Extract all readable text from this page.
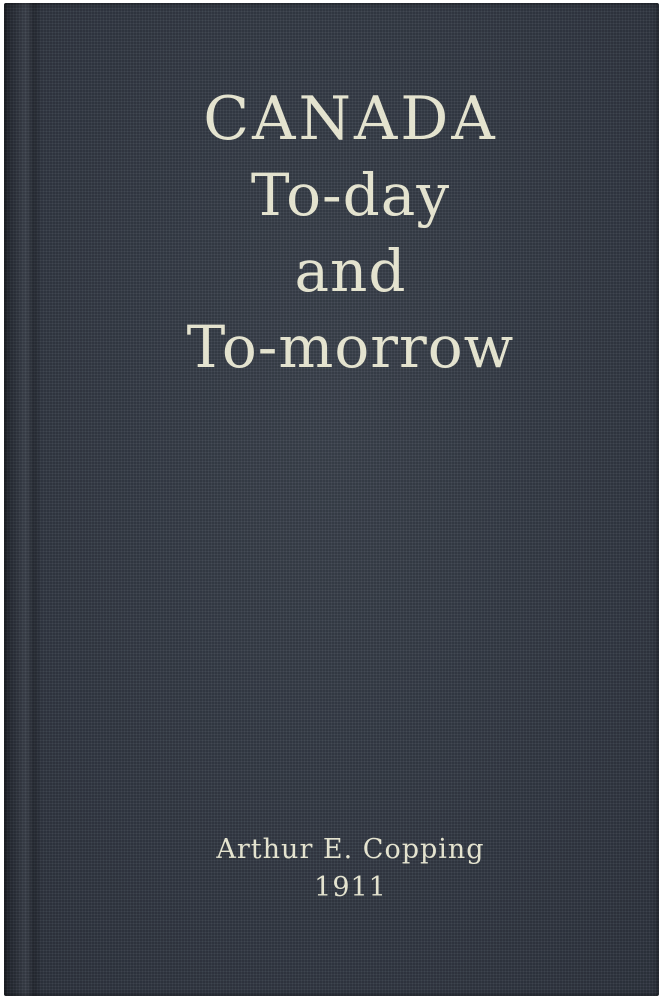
CANADA
To-day
and
To-morrow
Arthur E. Copping
1911
